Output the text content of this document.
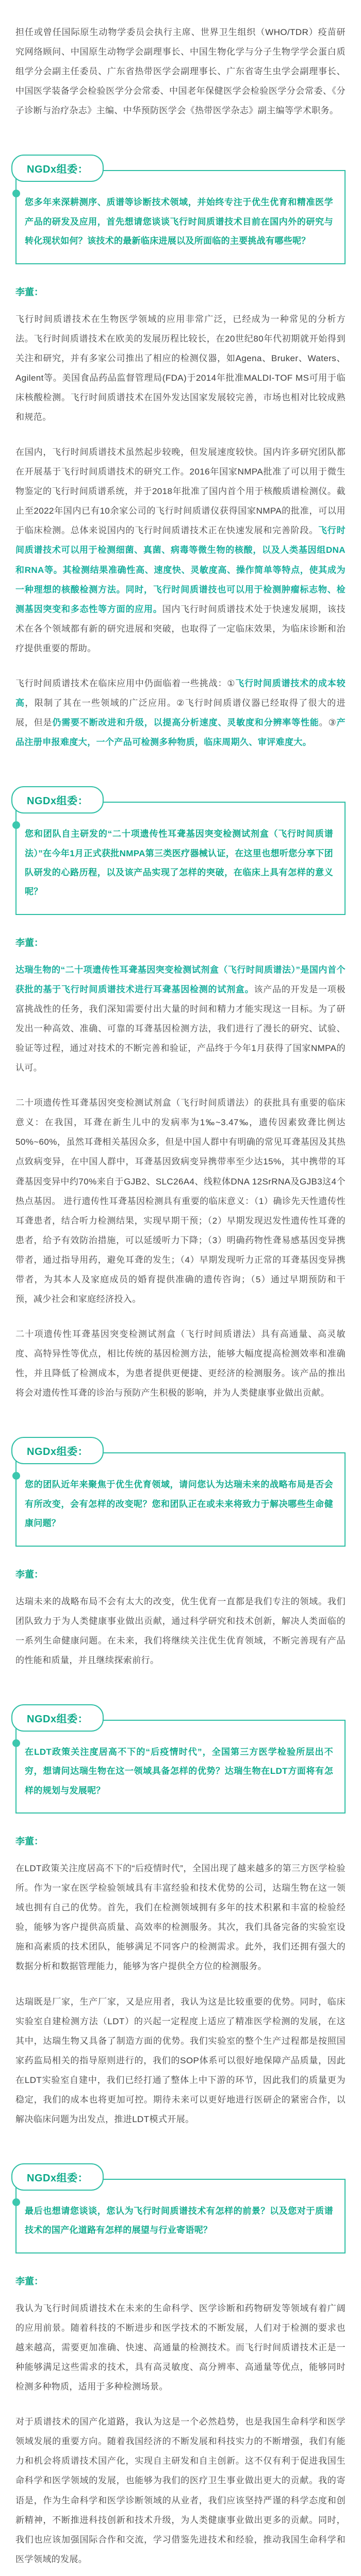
担任或曾任国际原生动物学委员会执行主席、世界卫生组织（WHO/TDR）疫苗研究网络顾问、中国原生动物学会副理事长、中国生物化学与分子生物学学会蛋白质组学分会副主任委员、广东省热带医学会副理事长、广东省寄生虫学会副理事长、中国医学装备学会检验医学分会常委、中国老年保健医学会检验医学分会常委、《分子诊断与治疗杂志》主编、中华预防医学会《热带医学杂志》副主编等学术职务。

NGDx组委：

您多年来深耕测序、质谱等诊断技术领域，并始终专注于优生优育和精准医学产品的研发及应用，首先想请您谈谈飞行时间质谱技术目前在国内外的研究与转化现状如何？该技术的最新临床进展以及所面临的主要挑战有哪些呢？

李董：

飞行时间质谱技术在生物医学领域的应用非常广泛，已经成为一种常见的分析方法。飞行时间质谱技术在欧美的发展历程比较长，在20世纪80年代初期就开始得到关注和研究，并有多家公司推出了相应的检测仪器，如Agena、Bruker、Waters、Agilent等。美国食品药品监督管理局(FDA)于2014年批准MALDI-TOF MS可用于临床核酸检测。飞行时间质谱技术在国外发达国家发展较完善，市场也相对比较成熟和规范。

在国内，飞行时间质谱技术虽然起步较晚，但发展速度较快。国内许多研究团队都在开展基于飞行时间质谱技术的研究工作。2016年国家NMPA批准了可以用于微生物鉴定的飞行时间质谱系统，并于2018年批准了国内首个用于核酸质谱检测仪。截止至2022年国内已有10余家公司的飞行时间质谱仪获得国家NMPA的批准，可以用于临床检测。总体来说国内的飞行时间质谱技术正在快速发展和完善阶段。飞行时间质谱技术可以用于检测细菌、真菌、病毒等微生物的核酸，以及人类基因组DNA和RNA等。其检测结果准确性高、速度快、灵敏度高、操作简单等特点，使其成为一种理想的核酸检测方法。同时，飞行时间质谱技也可以用于检测肿瘤标志物、检测基因突变和多态性等方面的应用。国内飞行时间质谱技术处于快速发展期，该技术在各个领域都有新的研究进展和突破，也取得了一定临床效果，为临床诊断和治疗提供重要的帮助。

飞行时间质谱技术在临床应用中仍面临着一些挑战：①飞行时间质谱技术的成本较高，限制了其在一些领域的广泛应用。②飞行时间质谱仪器已经取得了很大的进展，但是仍需要不断改进和升级，以提高分析速度、灵敏度和分辨率等性能。③产品注册申报难度大，一个产品可检测多种物质，临床周期久、审评难度大。

NGDx组委：

您和团队自主研发的“二十项遗传性耳聋基因突变检测试剂盒（飞行时间质谱法）”在今年1月正式获批NMPA第三类医疗器械认证，在这里也想听您分享下团队研发的心路历程，以及该产品实现了怎样的突破，在临床上具有怎样的意义呢？

李董：

达瑞生物的“二十项遗传性耳聋基因突变检测试剂盒（飞行时间质谱法）”是国内首个获批的基于飞行时间质谱技术进行耳聋基因检测的试剂盒。该产品的开发是一项极富挑战性的任务，我们深知需要付出大量的时间和精力才能实现这一目标。为了研发出一种高效、准确、可靠的耳聋基因检测方法，我们进行了漫长的研究、试验、验证等过程，通过对技术的不断完善和验证，产品终于今年1月获得了国家NMPA的认可。

二十项遗传性耳聋基因突变检测试剂盒（飞行时间质谱法）的获批具有重要的临床意义：在我国，耳聋在新生儿中的发病率为1‰~3.47‰，遗传因素致聋比例达50%~60%，虽然耳聋相关基因众多，但是中国人群中有明确的常见耳聋基因及其热点致病变异，在中国人群中，耳聋基因致病变异携带率至少达15%，其中携带的耳聋基因变异中约70%来自于GJB2、SLC26A4、线粒体DNA 12SrRNA及GJB3这4个热点基因。 进行遗传性耳聋基因检测具有重要的临床意义：（1）确诊先天性遗传性耳聋患者，结合听力检测结果，实现早期干预；（2）早期发现迟发性遗传性耳聋的患者，给予有效防治措施，可以延缓听力下降；（3）明确药物性聋易感基因变异携带者，通过指导用药，避免耳聋的发生；（4）早期发现听力正常的耳聋基因变异携带者，为其本人及家庭成员的婚育提供准确的遗传咨询；（5）通过早期预防和干预，减少社会和家庭经济投入。

二十项遗传性耳聋基因突变检测试剂盒（飞行时间质谱法）具有高通量、高灵敏度、高特异性等优点，相比传统的基因检测方法，能够大幅度提高检测效率和准确性，并且降低了检测成本，为患者提供更便捷、更经济的检测服务。该产品的推出将会对遗传性耳聋的诊治与预防产生积极的影响，并为人类健康事业做出贡献。

NGDx组委：

您的团队近年来聚焦于优生优育领域，请问您认为达瑞未来的战略布局是否会有所改变，会有怎样的改变呢？您和团队正在或未来将致力于解决哪些生命健康问题？

李董：

达瑞未来的战略布局不会有太大的改变，优生优育一直都是我们专注的领域。我们团队致力于为人类健康事业做出贡献，通过科学研究和技术创新，解决人类面临的一系列生命健康问题。在未来，我们将继续关注优生优育领域，不断完善现有产品的性能和质量，并且继续探索前行。

NGDx组委：

在LDT政策关注度居高不下的“后疫情时代”，全国第三方医学检验所层出不穷，想请问达瑞生物在这一领域具备怎样的优势？达瑞生物在LDT方面将有怎样的规划与发展呢？

李董：

在LDT政策关注度居高不下的“后疫情时代”，全国出现了越来越多的第三方医学检验所。作为一家在医学检验领域具有丰富经验和技术优势的公司，达瑞生物在这一领域也拥有自己的优势。首先，我们在检测领域拥有多年的技术积累和丰富的检验经验，能够为客户提供高质量、高效率的检测服务。其次，我们具备完备的实验室设施和高素质的技术团队，能够满足不同客户的检测需求。此外，我们还拥有强大的数据分析和数据管理能力，能够为客户提供全方位的检测服务。

达瑞既是厂家，生产厂家，又是应用者，我认为这是比较重要的优势。同时，临床实验室自建检测方法（LDT）的兴起一定程度上适应了精准医学检测的发展，在这其中，达瑞生物又具备了制造方面的优势。我们实验室的整个生产过程都是按照国家药监局相关的指导原则进行的，我们的SOP体系可以很好地保障产品质量，因此在LDT实验室自建中，我们已经打通了整体上中下游的环节，因此我们的质量更为稳定，我们的成本也将更加可控。期待未来可以更好地进行医研企的紧密合作，以解决临床问题为出发点，推进LDT模式开展。

NGDx组委：

最后也想请您谈谈，您认为飞行时间质谱技术有怎样的前景？以及您对于质谱技术的国产化道路有怎样的展望与行业寄语呢？

李董：

我认为飞行时间质谱技术在未来的生命科学、医学诊断和药物研发等领域有着广阔的应用前景。随着科技的不断进步和医学技术的不断发展，人们对于检测的要求也越来越高，需要更加准确、快速、高通量的检测技术。而飞行时间质谱技术正是一种能够满足这些需求的技术，具有高灵敏度、高分辨率、高通量等优点，能够同时检测多种物质，适用于多种检测场景。

对于质谱技术的国产化道路，我认为这是一个必然趋势，也是我国生命科学和医学领域发展的重要方向。随着我国经济的不断发展和科技实力的不断增强，我们有能力和机会将质谱技术国产化，实现自主研发和自主创新。这不仅有利于促进我国生命科学和医学领域的发展，也能够为我们的医疗卫生事业做出更大的贡献。我的寄语是，作为生命科学和医学诊断领域的从业者，我们应该坚持严谨的科学态度和创新精神，不断推进科技创新和技术升级，为人类健康事业做出更多的贡献。同时，我们也应该加强国际合作和交流，学习借鉴先进技术和经验，推动我国生命科学和医学领域的发展。
